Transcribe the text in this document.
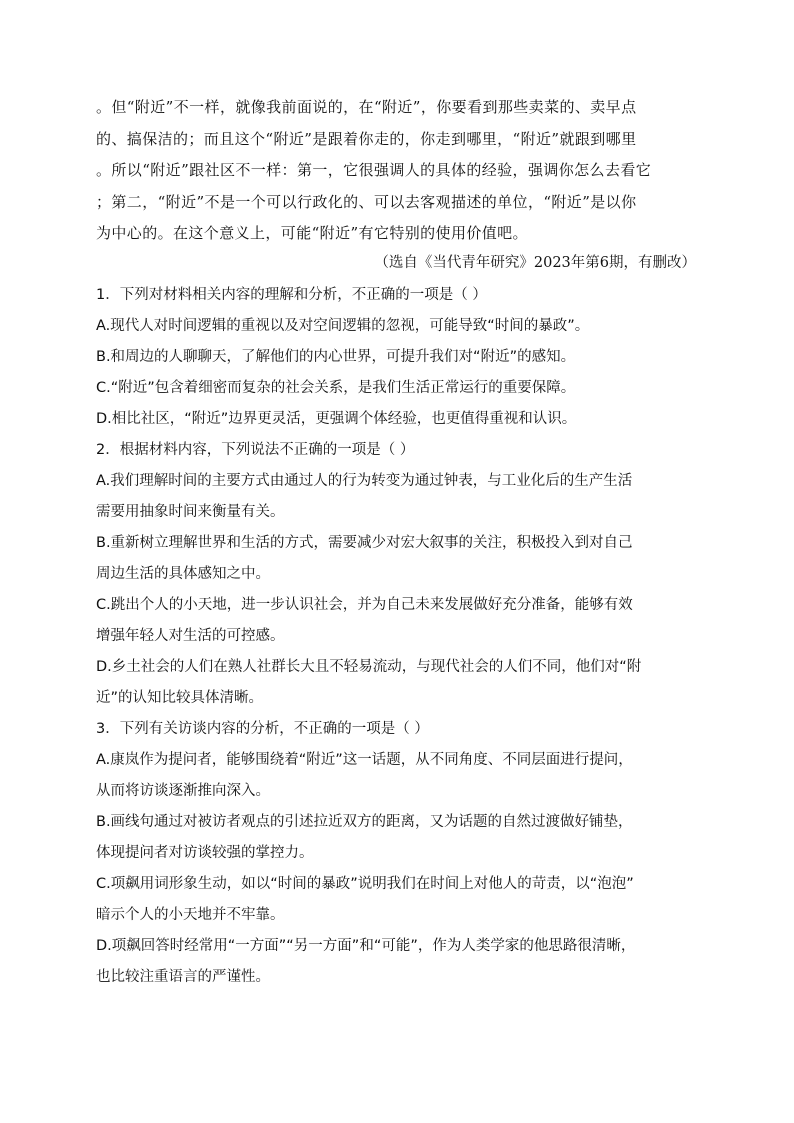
。但“附近”不一样，就像我前面说的，在“附近”，你要看到那些卖菜的、卖早点
的、搞保洁的；而且这个“附近”是跟着你走的，你走到哪里，“附近”就跟到哪里
。所以“附近”跟社区不一样：第一，它很强调人的具体的经验，强调你怎么去看它
；第二，“附近”不是一个可以行政化的、可以去客观描述的单位，“附近”是以你
为中心的。在这个意义上，可能“附近”有它特别的使用价值吧。
（选自《当代青年研究》2023年第6期，有删改）
1．下列对材料相关内容的理解和分析，不正确的一项是（ ）
A.现代人对时间逻辑的重视以及对空间逻辑的忽视，可能导致“时间的暴政”。
B.和周边的人聊聊天，了解他们的内心世界，可提升我们对“附近”的感知。
C.“附近”包含着细密而复杂的社会关系，是我们生活正常运行的重要保障。
D.相比社区，“附近”边界更灵活，更强调个体经验，也更值得重视和认识。
2．根据材料内容，下列说法不正确的一项是（ ）
A.我们理解时间的主要方式由通过人的行为转变为通过钟表，与工业化后的生产生活
需要用抽象时间来衡量有关。
B.重新树立理解世界和生活的方式，需要减少对宏大叙事的关注，积极投入到对自己
周边生活的具体感知之中。
C.跳出个人的小天地，进一步认识社会，并为自己未来发展做好充分准备，能够有效
增强年轻人对生活的可控感。
D.乡土社会的人们在熟人社群长大且不轻易流动，与现代社会的人们不同，他们对“附
近”的认知比较具体清晰。
3．下列有关访谈内容的分析，不正确的一项是（ ）
A.康岚作为提问者，能够围绕着“附近”这一话题，从不同角度、不同层面进行提问，
从而将访谈逐渐推向深入。
B.画线句通过对被访者观点的引述拉近双方的距离，又为话题的自然过渡做好铺垫，
体现提问者对访谈较强的掌控力。
C.项飙用词形象生动，如以“时间的暴政”说明我们在时间上对他人的苛责，以“泡泡”
暗示个人的小天地并不牢靠。
D.项飙回答时经常用“一方面”“另一方面”和“可能”，作为人类学家的他思路很清晰，
也比较注重语言的严谨性。
